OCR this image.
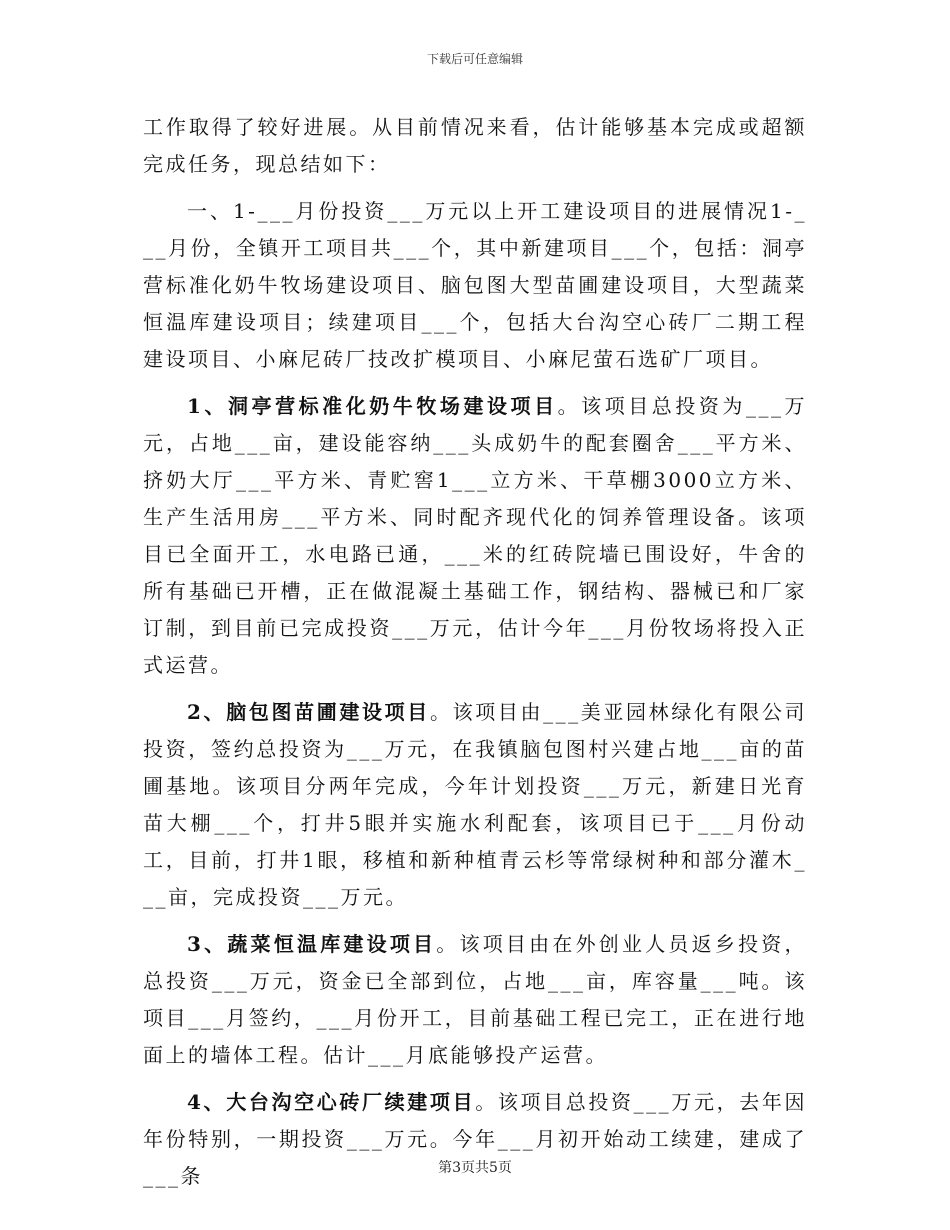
下载后可任意编辑

工作取得了较好进展。从目前情况来看，估计能够基本完成或超额完成任务，现总结如下：

一、1-___月份投资___万元以上开工建设项目的进展情况1-___月份，全镇开工项目共___个，其中新建项目___个，包括：洞亭营标准化奶牛牧场建设项目、脑包图大型苗圃建设项目，大型蔬菜恒温库建设项目；续建项目___个，包括大台沟空心砖厂二期工程建设项目、小麻尼砖厂技改扩模项目、小麻尼萤石选矿厂项目。

1、洞亭营标准化奶牛牧场建设项目。该项目总投资为___万元，占地___亩，建设能容纳___头成奶牛的配套圈舍___平方米、挤奶大厅___平方米、青贮窖1___立方米、干草棚3000立方米、生产生活用房___平方米、同时配齐现代化的饲养管理设备。该项目已全面开工，水电路已通，___米的红砖院墙已围设好，牛舍的所有基础已开槽，正在做混凝土基础工作，钢结构、器械已和厂家订制，到目前已完成投资___万元，估计今年___月份牧场将投入正式运营。

2、脑包图苗圃建设项目。该项目由___美亚园林绿化有限公司投资，签约总投资为___万元，在我镇脑包图村兴建占地___亩的苗圃基地。该项目分两年完成，今年计划投资___万元，新建日光育苗大棚___个，打井5眼并实施水利配套，该项目已于___月份动工，目前，打井1眼，移植和新种植青云杉等常绿树种和部分灌木___亩，完成投资___万元。

3、蔬菜恒温库建设项目。该项目由在外创业人员返乡投资，总投资___万元，资金已全部到位，占地___亩，库容量___吨。该项目___月签约，___月份开工，目前基础工程已完工，正在进行地面上的墙体工程。估计___月底能够投产运营。

4、大台沟空心砖厂续建项目。该项目总投资___万元，去年因年份特别，一期投资___万元。今年___月初开始动工续建，建成了___条	第3页共5页
